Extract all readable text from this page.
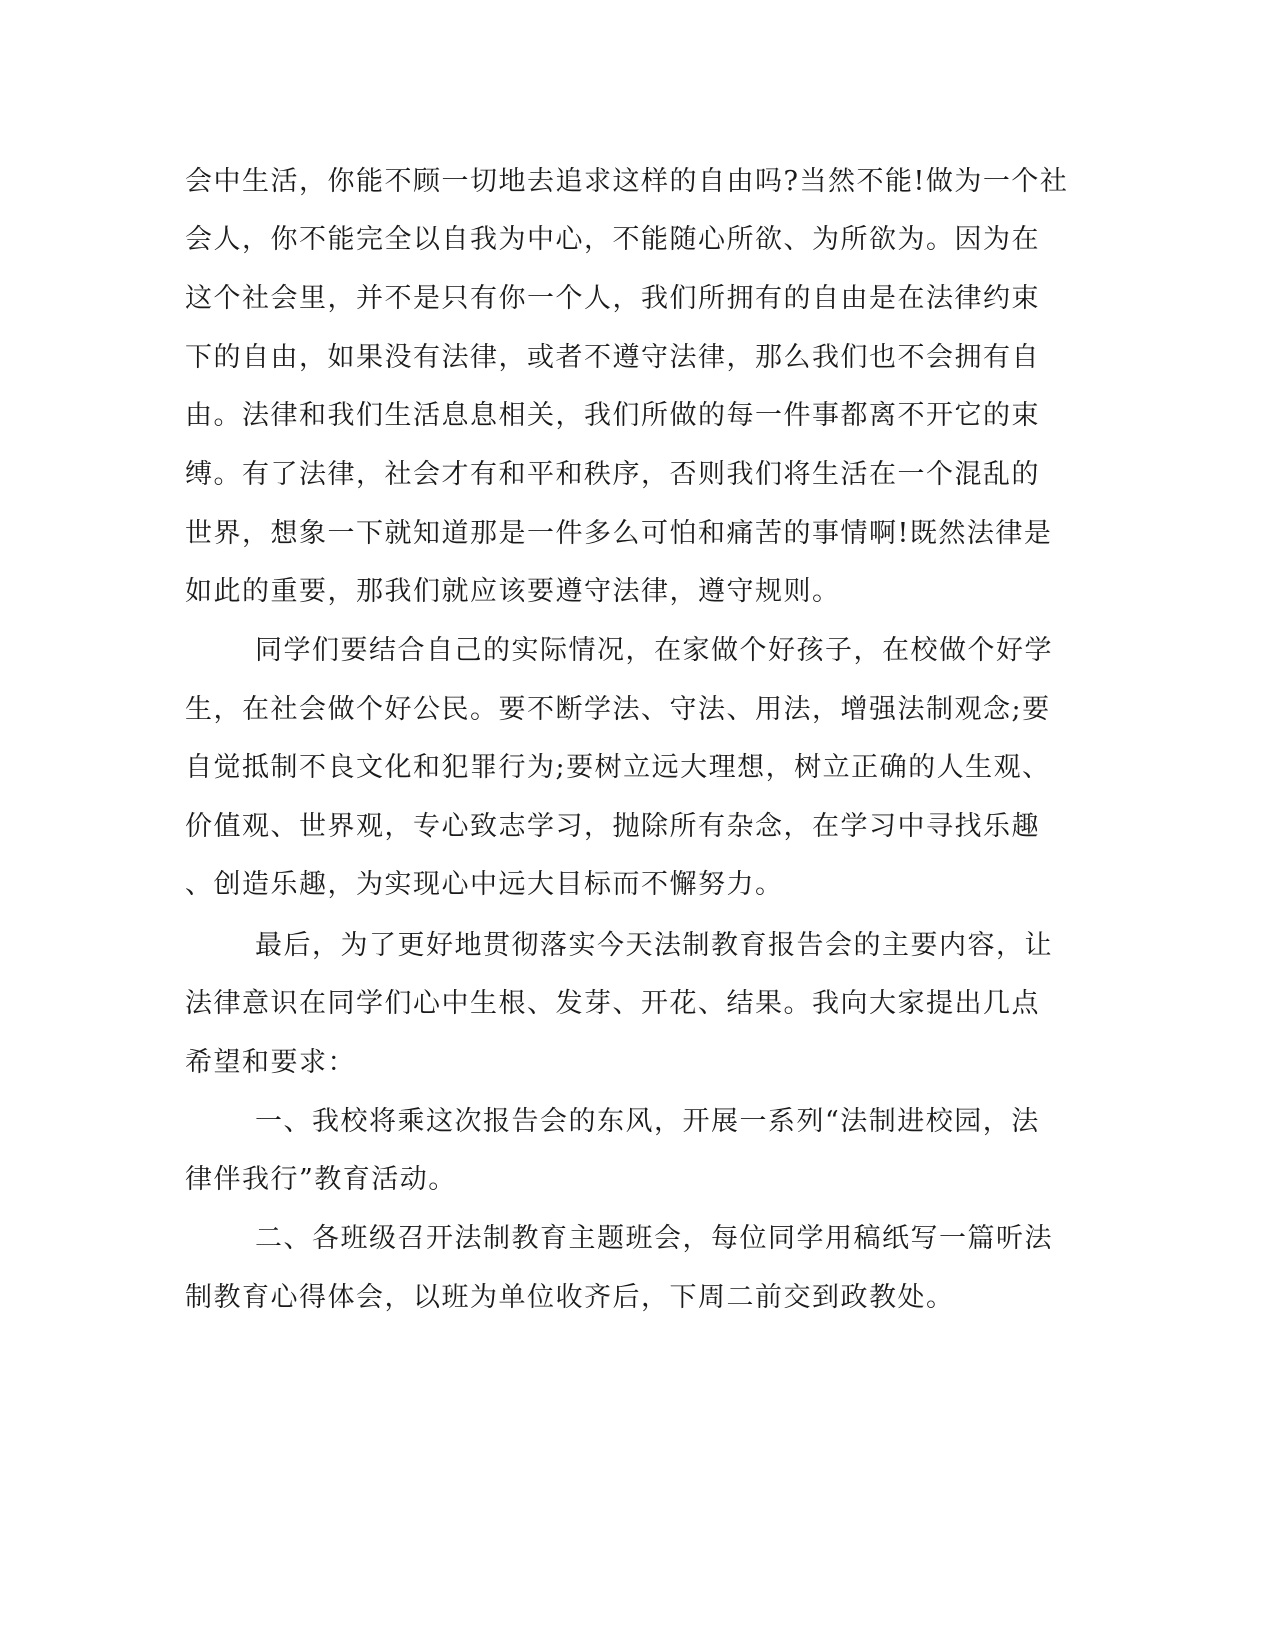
会中生活，你能不顾一切地去追求这样的自由吗?当然不能!做为一个社
会人，你不能完全以自我为中心，不能随心所欲、为所欲为。因为在
这个社会里，并不是只有你一个人，我们所拥有的自由是在法律约束
下的自由，如果没有法律，或者不遵守法律，那么我们也不会拥有自
由。法律和我们生活息息相关，我们所做的每一件事都离不开它的束
缚。有了法律，社会才有和平和秩序，否则我们将生活在一个混乱的
世界，想象一下就知道那是一件多么可怕和痛苦的事情啊!既然法律是
如此的重要，那我们就应该要遵守法律，遵守规则。
同学们要结合自己的实际情况，在家做个好孩子，在校做个好学
生，在社会做个好公民。要不断学法、守法、用法，增强法制观念;要
自觉抵制不良文化和犯罪行为;要树立远大理想，树立正确的人生观、
价值观、世界观，专心致志学习，抛除所有杂念，在学习中寻找乐趣
、创造乐趣，为实现心中远大目标而不懈努力。
最后，为了更好地贯彻落实今天法制教育报告会的主要内容，让
法律意识在同学们心中生根、发芽、开花、结果。我向大家提出几点
希望和要求：
一、我校将乘这次报告会的东风，开展一系列“法制进校园，法
律伴我行”教育活动。
二、各班级召开法制教育主题班会，每位同学用稿纸写一篇听法
制教育心得体会，以班为单位收齐后，下周二前交到政教处。
